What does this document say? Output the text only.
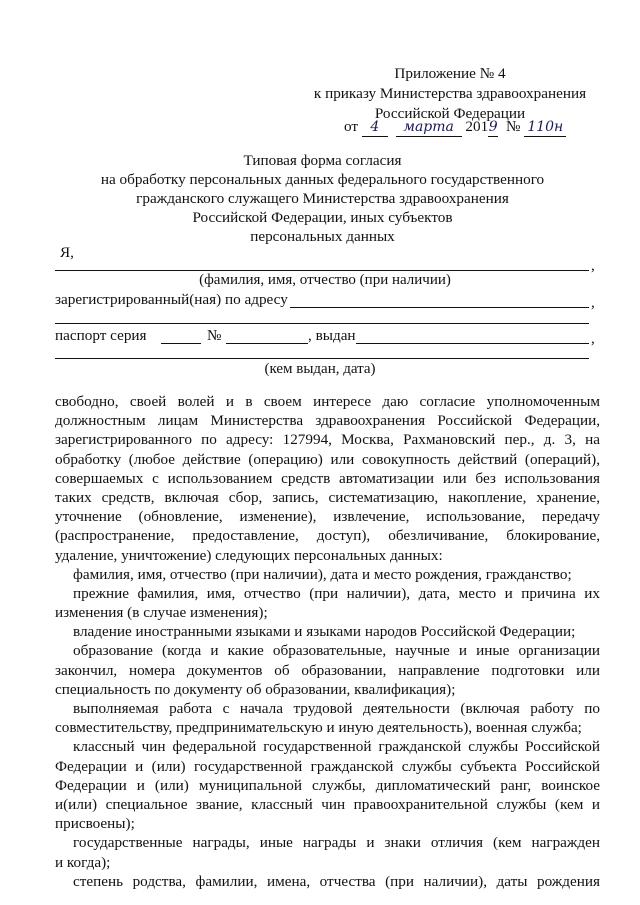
Приложение № 4
к приказу Министерства здравоохранения
Российской Федерации
от 4 марта 2019 № 110н
Типовая форма согласия
на обработку персональных данных федерального государственного
гражданского служащего Министерства здравоохранения
Российской Федерации, иных субъектов
персональных данных
Я,
,
(фамилия, имя, отчество (при наличии)
зарегистрированный(ная) по адресу	,
паспорт серия	№	, выдан	,
(кем выдан, дата)
свободно, своей волей и в своем интересе даю согласие уполномоченным
должностным лицам Министерства здравоохранения Российской Федерации,
зарегистрированного по адресу: 127994, Москва, Рахмановский пер., д. 3, на
обработку (любое действие (операцию) или совокупность действий (операций),
совершаемых с использованием средств автоматизации или без использования
таких средств, включая сбор, запись, систематизацию, накопление, хранение,
уточнение (обновление, изменение), извлечение, использование, передачу
(распространение, предоставление, доступ), обезличивание, блокирование,
удаление, уничтожение) следующих персональных данных:
фамилия, имя, отчество (при наличии), дата и место рождения, гражданство;
прежние фамилия, имя, отчество (при наличии), дата, место и причина их
изменения (в случае изменения);
владение иностранными языками и языками народов Российской Федерации;
образование (когда и какие образовательные, научные и иные организации
закончил, номера документов об образовании, направление подготовки или
специальность по документу об образовании, квалификация);
выполняемая работа с начала трудовой деятельности (включая работу по
совместительству, предпринимательскую и иную деятельность), военная служба;
классный чин федеральной государственной гражданской службы Российской
Федерации и (или) государственной гражданской службы субъекта Российской
Федерации и (или) муниципальной службы, дипломатический ранг, воинское
и(или) специальное звание, классный чин правоохранительной службы (кем и
присвоены);
государственные награды, иные награды и знаки отличия (кем награжден
и когда);
степень родства, фамилии, имена, отчества (при наличии), даты рождения
